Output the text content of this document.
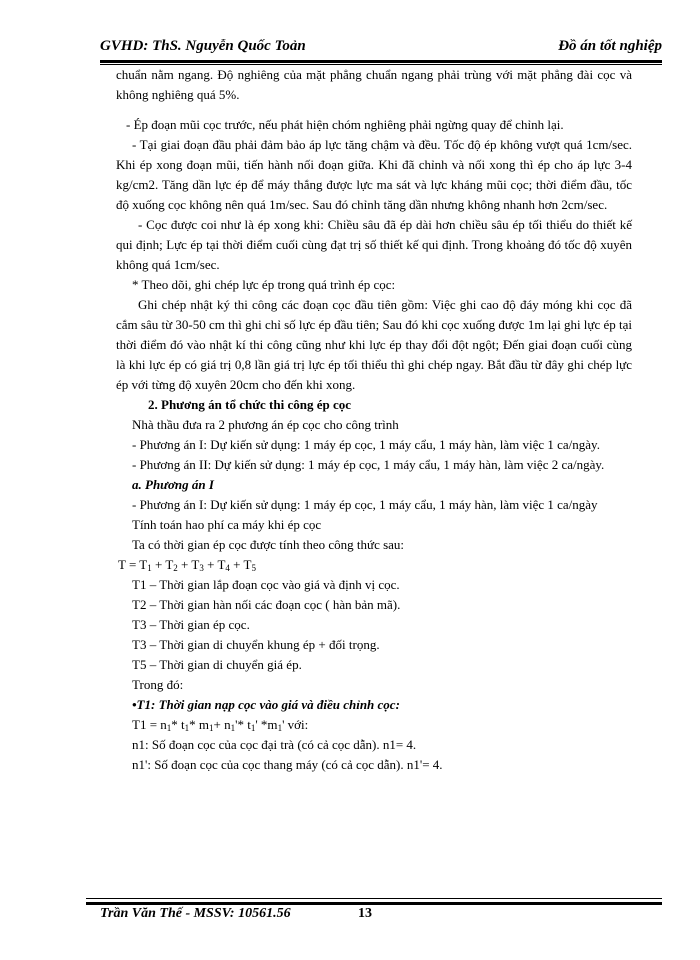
GVHD: ThS. Nguyễn Quốc Toản	Đồ án tốt nghiệp

chuẩn nằm ngang. Độ nghiêng của mặt phẳng chuẩn ngang phải trùng với mặt phẳng đài cọc và không nghiêng quá 5%.

- Ép đoạn mũi cọc trước, nếu phát hiện chóm nghiêng phải ngừng quay để chỉnh lại.

- Tại giai đoạn đầu phải đảm bảo áp lực tăng chậm và đều. Tốc độ ép không vượt quá 1cm/sec. Khi ép xong đoạn mũi, tiến hành nối đoạn giữa. Khi đã chỉnh và nối xong thì ép cho áp lực 3-4 kg/cm2. Tăng dần lực ép để máy thắng được lực ma sát và lực kháng mũi cọc; thời điểm đầu, tốc độ xuống cọc không nên quá 1m/sec. Sau đó chỉnh tăng dần nhưng không nhanh hơn 2cm/sec.

- Cọc được coi như là ép xong khi: Chiều sâu đã ép dài hơn chiều sâu ép tối thiểu do thiết kế qui định; Lực ép tại thời điểm cuối cùng đạt trị số thiết kế qui định. Trong khoảng đó tốc độ xuyên không quá 1cm/sec.

* Theo dõi, ghi chép lực ép trong quá trình ép cọc:

Ghi chép nhật ký thi công các đoạn cọc đầu tiên gồm: Việc ghi cao độ đáy móng khi cọc đã cắm sâu từ 30-50 cm thì ghi chỉ số lực ép đầu tiên; Sau đó khi cọc xuống được 1m lại ghi lực ép tại thời điểm đó vào nhật kí thi công cũng như khi lực ép thay đổi đột ngột; Đến giai đoạn cuối cùng là khi lực ép có giá trị 0,8 lần giá trị lực ép tối thiểu thì ghi chép ngay. Bắt đầu từ đây ghi chép lực ép với từng độ xuyên 20cm cho đến khi xong.

2. Phương án tổ chức thi công ép cọc

Nhà thầu đưa ra 2 phương án ép cọc cho công trình

- Phương án I: Dự kiến sử dụng: 1 máy ép cọc, 1 máy cẩu, 1 máy hàn, làm việc 1 ca/ngày.

- Phương án II: Dự kiến sử dụng: 1 máy ép cọc, 1 máy cẩu, 1 máy hàn, làm việc 2 ca/ngày.

a. Phương án I

- Phương án I: Dự kiến sử dụng: 1 máy ép cọc, 1 máy cẩu, 1 máy hàn, làm việc 1 ca/ngày

Tính toán hao phí ca máy khi ép cọc

Ta có thời gian ép cọc được tính theo công thức sau:

$T = T_1 + T_2 + T_3 + T_4 + T_5$

T1 – Thời gian lắp đoạn cọc vào giá và định vị cọc.

T2 – Thời gian hàn nối các đoạn cọc ( hàn bản mã).

T3 – Thời gian ép cọc.

T3 – Thời gian di chuyển khung ép + đối trọng.

T5 – Thời gian di chuyển giá ép.

Trong đó:

•T1: Thời gian nạp cọc vào giá và điều chỉnh cọc:

$T1 = n_1*$ $t_1*$ $m_1+ n_1'*$ $t_1'$ $*m_1'$ với:

n1: Số đoạn cọc của cọc đại trà (có cả cọc dẫn). n1= 4.

n1': Số đoạn cọc của cọc thang máy (có cả cọc dẫn). n1'= 4.

Trần Văn Thế - MSSV: 10561.56	13
